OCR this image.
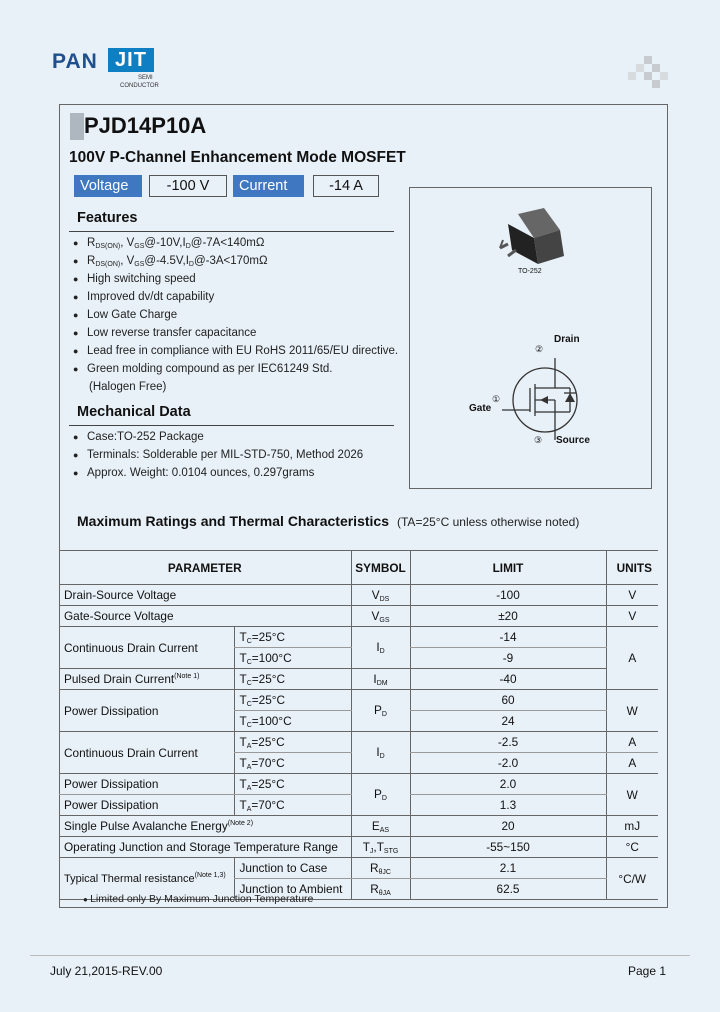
PAN JIT
SEMI
CONDUCTOR
PJD14P10A
100V P-Channel Enhancement Mode MOSFET
Voltage	-100 V	Current	-14 A
Features
● $R_{DS(ON)}$, $V_{GS}@-10V,I_D@-7A<140m\Omega$
● $R_{DS(ON)}$, $V_{GS}@-4.5V,I_D@-3A<170m\Omega$
● High switching speed
● Improved dv/dt capability
● Low Gate Charge
● Low reverse transfer capacitance
● Lead free in compliance with EU RoHS 2011/65/EU directive.
● Green molding compound as per IEC61249 Std.
(Halogen Free)
Mechanical Data
● Case:TO-252 Package
● Terminals: Solderable per MIL-STD-750, Method 2026
● Approx. Weight: 0.0104 ounces, 0.297grams
TO-252
Drain
②
Gate
①
Source
③
Maximum Ratings and Thermal Characteristics (TA=25°C unless otherwise noted)
PARAMETER		SYMBOL	LIMIT	UNITS
Drain-Source Voltage		$V_{DS}$	-100	V
Gate-Source Voltage		$V_{GS}$	±20	V
Continuous Drain Current	$T_C=25^\circ C$	$I_D$	-14	A
	$T_C=100^\circ C$		-9	
Pulsed Drain Current$^{(Note 1)}$	$T_C=25^\circ C$	$I_{DM}$	-40	
Power Dissipation	$T_C=25^\circ C$	$P_D$	60	W
	$T_C=100^\circ C$		24	
Continuous Drain Current	$T_A=25^\circ C$	$I_D$	-2.5	A
	$T_A=70^\circ C$		-2.0	A
Power Dissipation	$T_A=25^\circ C$	$P_D$	2.0	W
Power Dissipation	$T_A=70^\circ C$		1.3	
Single Pulse Avalanche Energy$^{(Note 2)}$		$E_{AS}$	20	mJ
Operating Junction and Storage Temperature Range		$T_J,T_{STG}$	-55~150	°C
Typical Thermal resistance$^{(Note 1,3)}$	Junction to Case	$R_{\theta JC}$	2.1	°C/W
	Junction to Ambient	$R_{\theta JA}$	62.5	
● Limited only By Maximum Junction Temperature
July 21,2015-REV.00	Page 1
